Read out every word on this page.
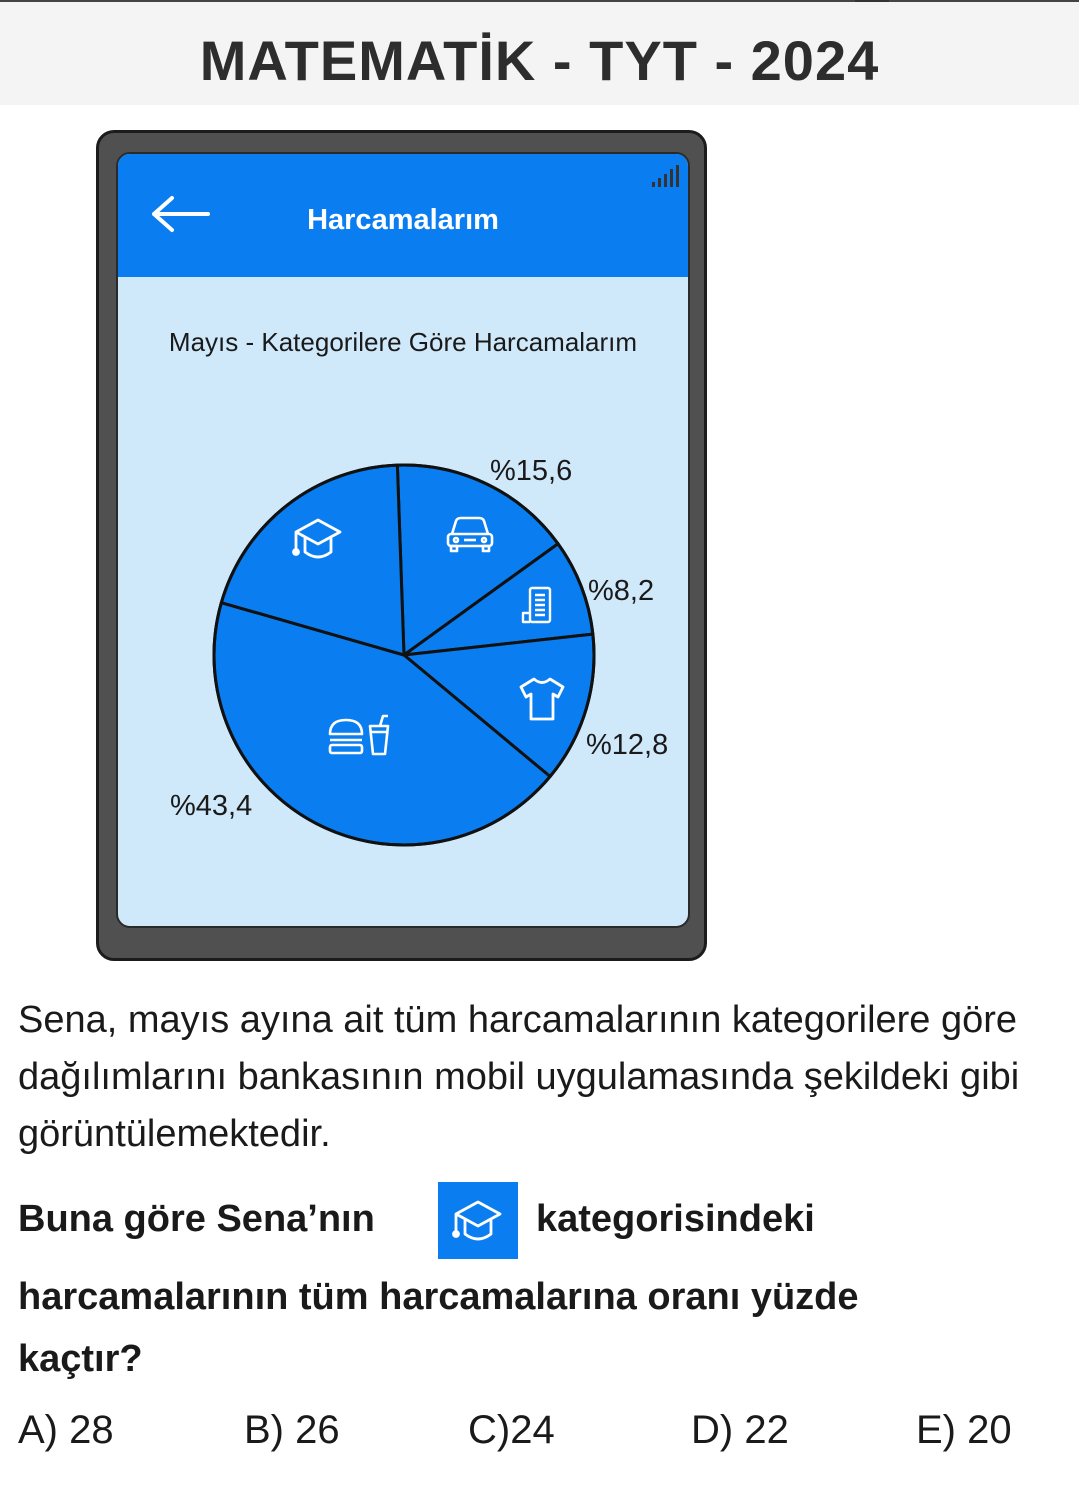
MATEMATİK - TYT - 2024
Harcamalarım
Mayıs - Kategorilere Göre Harcamalarım
%15,6
%8,2
%12,8
%43,4

Sena, mayıs ayına ait tüm harcamalarının kategorilere göre dağılımlarını bankasının mobil uygulamasında şekildeki gibi görüntülemektedir.

Buna göre Sena’nın	kategorisindeki
harcamalarının tüm harcamalarına oranı yüzde
kaçtır?
A) 28	B) 26	C)24	D) 22	E) 20
